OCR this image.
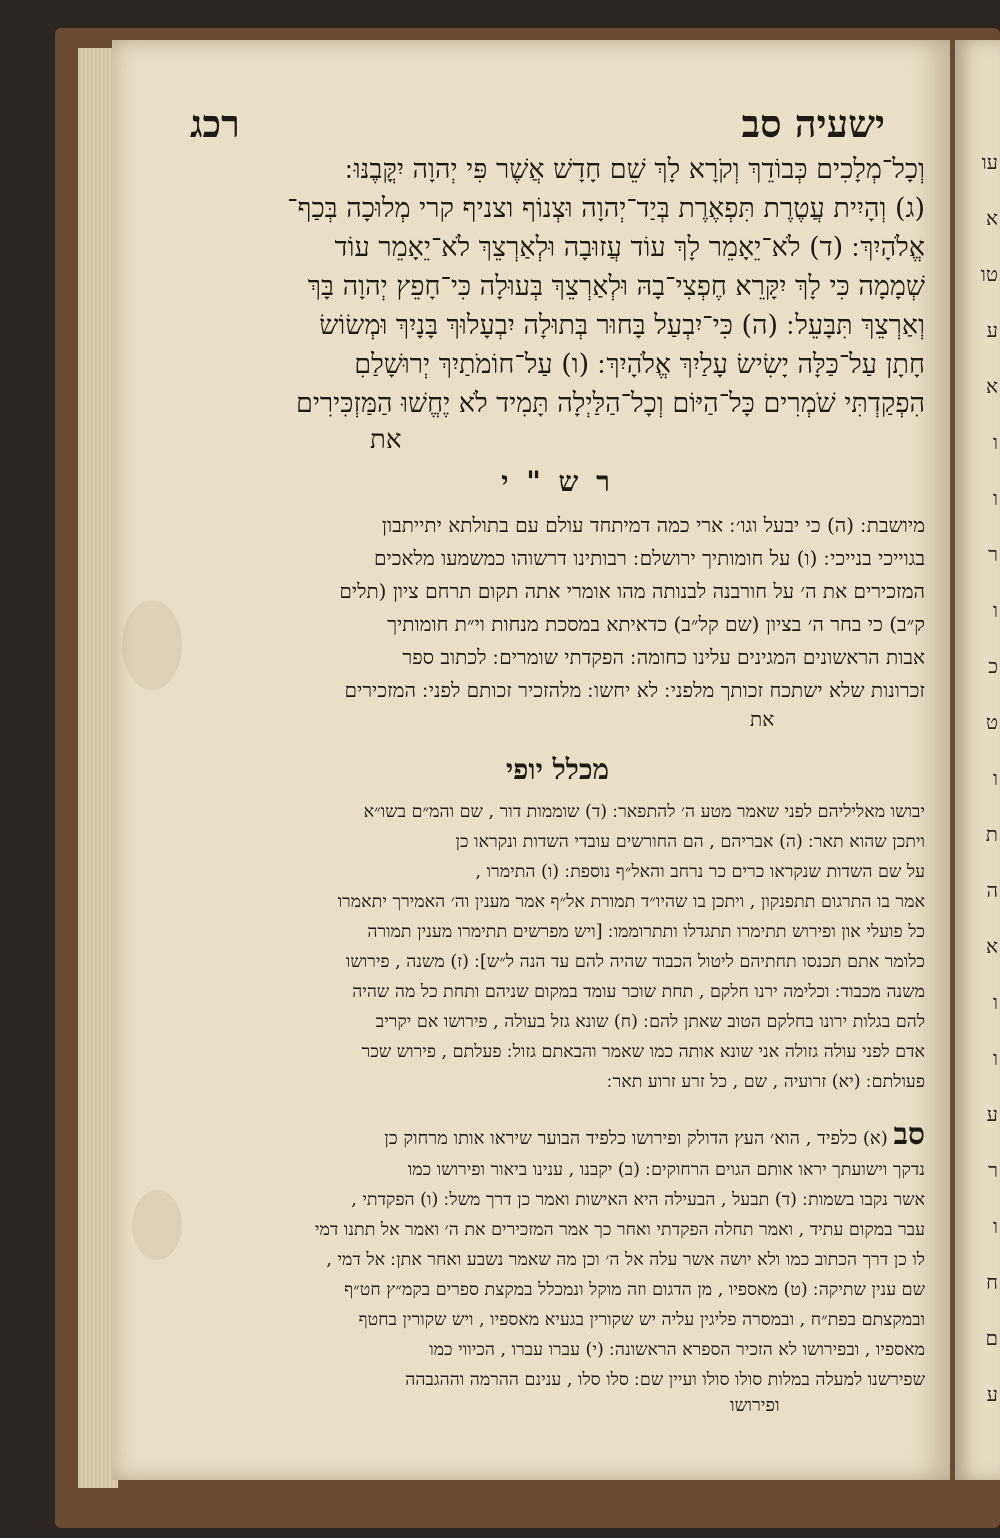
עו
א
טו
ע
א
ו
ו
ר
ו
כ
ט
ו
ת
ה
א
ו
ו
ע
ר
ו
ח
ם
ע
ישעיה סב
רכג
וְכָל־מְלָכִים כְּבוֹדֵךְ וְקֹרָא לָךְ שֵׁם חָדָשׁ אֲשֶׁר פִּי יְהוָה יִקֳּבֶנּוּ ׃
(ג) וְהָיִית עֲטֶרֶת תִּפְאֶרֶת בְּיַד־יְהוָה וּצְנוֹף וצניף קרי מְלוּכָה בְּכַף־
אֱלֹהָיִךְ ׃ (ד) לֹא־יֵאָמֵר לָךְ עוֹד עֲזוּבָה וּלְאַרְצֵךְ לֹא־יֵאָמֵר עוֹד
שְׁמָמָה כִּי לָךְ יִקָּרֵא חֶפְצִי־בָהּ וּלְאַרְצֵךְ בְּעוּלָה כִּי־חָפֵץ יְהוָה בָּךְ
וְאַרְצֵךְ תִּבָּעֵל ׃ (ה) כִּי־יִבְעַל בָּחוּר בְּתוּלָה יִבְעָלוּךְ בָּנָיִךְ וּמְשׂוֹשׂ
חָתָן עַל־כַּלָּה יָשִׂישׂ עָלַיִךְ אֱלֹהָיִךְ ׃ (ו) עַל־חוֹמֹתַיִךְ יְרוּשָׁלַםִ
הִפְקַדְתִּי שֹׁמְרִים כָּל־הַיּוֹם וְכָל־הַלַּיְלָה תָּמִיד לֹא יֶחֱשׁוּ הַמַּזְכִּירִים
את
ר ש " י
מיושבת ׃ (ה) כי יבעל וגו׳ ׃ ארי כמה דמיתחד עולם עם בתולתא יתייתבון
בגוייכי בנייכי ׃ (ו) על חומותיך ירושלם ׃ רבותינו דרשוהו כמשמעו מלאכים
המזכירים את ה׳ על חורבנה לבנותה מהו אומרי אתה תקום תרחם ציון (תלים
ק״ב) כי בחר ה׳ בציון (שם קל״ב) כדאיתא במסכת מנחות וי״ת חומותיך
אבות הראשונים המגינים עלינו כחומה ׃ הפקדתי שומרים ׃ לכתוב ספר
זכרונות שלא ישתכח זכותך מלפני ׃ לא יחשו ׃ מלהזכיר זכותם לפני ׃ המזכירים
את
מכלל יופי
יבושו מאליליהם לפני שאמר מטע ה׳ להתפאר ׃ (ד) שוממות דור , שם והמ״ם בשו״א
ויתכן שהוא תאר ׃ (ה) אבריהם , הם החורשים עובדי השדות ונקראו כן
על שם השדות שנקראו כרים כר נרחב והאל״ף נוספת ׃ (ו) התימרו ,
אמר בו התרגום תתפנקון , ויתכן בו שהיו״ד תמורת אל״ף אמר מענין וה׳ האמירך יתאמרו
כל פועלי און ופירוש תתימרו תתגדלו ותתרוממו ׃ [ויש מפרשים תתימרו מענין תמורה
כלומר אתם תכנסו תחתיהם ליטול הכבוד שהיה להם עד הנה ל״ש] ׃ (ז) משנה , פירושו
משנה מכבוד ׃ וכלימה ירנו חלקם , תחת שוכר עומד במקום שניהם ותחת כל מה שהיה
להם בגלות ירונו בחלקם הטוב שאתן להם ׃ (ח) שונא גזל בעולה , פירושו אם יקריב
אדם לפני עולה גזולה אני שונא אותה כמו שאמר והבאתם גזול ׃ פעלתם , פירוש שכר
פעולתם ׃ (יא) זרועיה , שם , כל זרע זרוע תאר ׃
סב (א) כלפיד , הוא׳ העץ הדולק ופירושו כלפיד הבוער שיראו אותו מרחוק כן
נדקך וישועתך יראו אותם הגוים הרחוקים ׃ (ב) יקבנו , ענינו ביאור ופירושו כמו
אשר נקבו בשמות ׃ (ד) תבעל , הבעילה היא האישות ואמר כן דרך משל ׃ (ו) הפקדתי ,
עבר במקום עתיד , ואמר תחלה הפקדתי ואחר כך אמר המזכירים את ה׳ ואמר אל תתנו דמי
לו כן דרך הכתוב כמו ולא יושה אשר עלה אל ה׳ וכן מה שאמר נשבע ואחר אתן ׃ אל דמי ,
שם ענין שתיקה ׃ (ט) מאספיו , מן הדגום וזה מוקל ונמכלל במקצת ספרים בקמ״ץ חט״ף
ובמקצתם בפת״ח , ובמסרה פליגין עליה יש שקורין בגעיא מאספיו , ויש שקורין בחטף
מאספיו , ובפירושו לא הזכיר הספרא הראשונה ׃ (י) עברו עברו , הכיווי כמו
שפירשנו למעלה במלות סולו סולו ועיין שם ׃ סלו סלו , ענינם ההרמה וההגבהה
ופירושו
